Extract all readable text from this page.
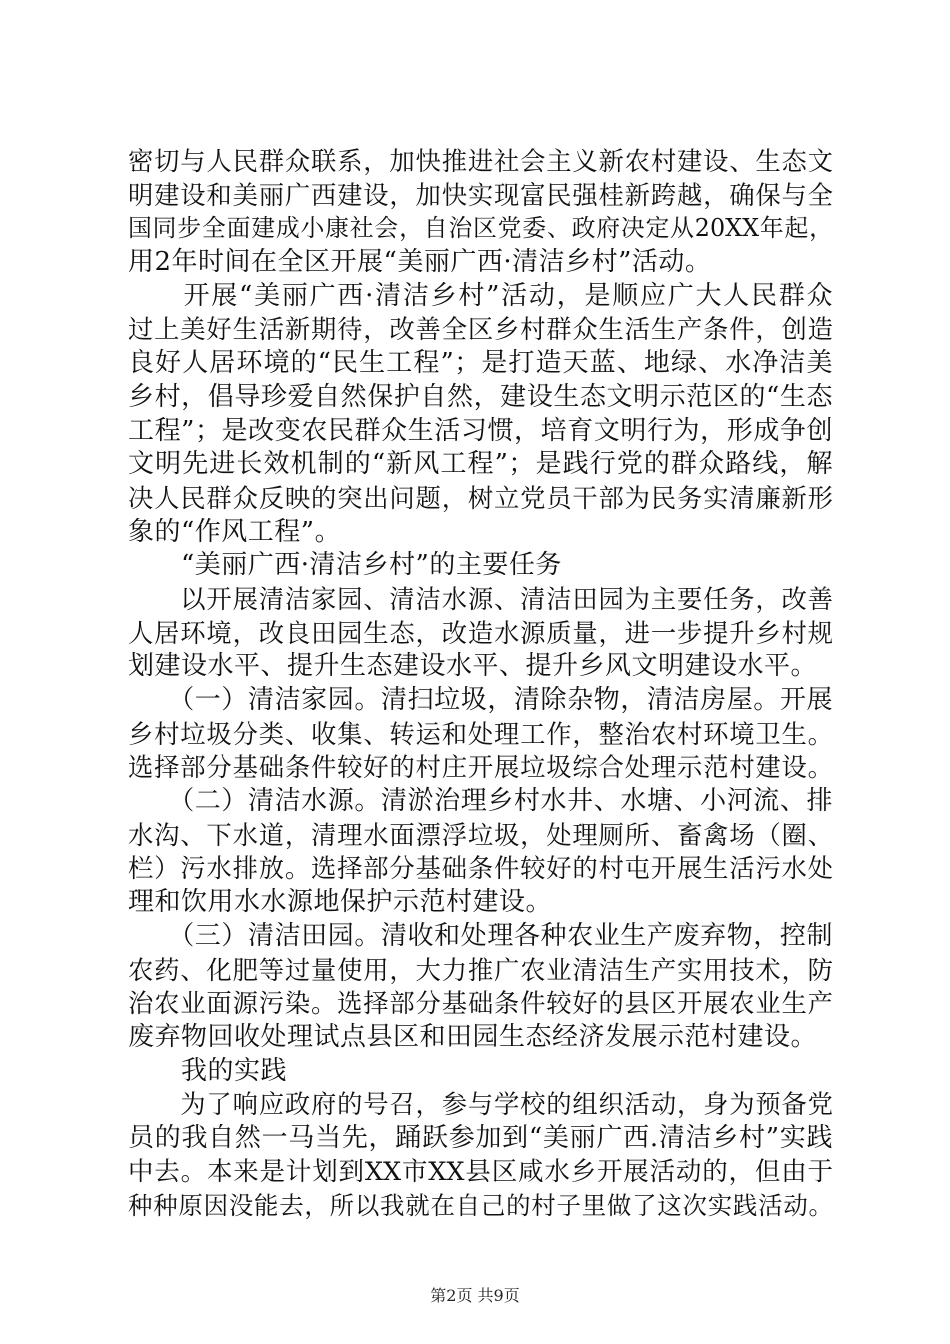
密切与人民群众联系，加快推进社会主义新农村建设、生态文
明建设和美丽广西建设，加快实现富民强桂新跨越，确保与全
国同步全面建成小康社会，自治区党委、政府决定从20XX年起，
用2年时间在全区开展“美丽广西·清洁乡村”活动。
　　开展“美丽广西·清洁乡村”活动，是顺应广大人民群众
过上美好生活新期待，改善全区乡村群众生活生产条件，创造
良好人居环境的“民生工程”；是打造天蓝、地绿、水净洁美
乡村，倡导珍爱自然保护自然，建设生态文明示范区的“生态
工程”；是改变农民群众生活习惯，培育文明行为，形成争创
文明先进长效机制的“新风工程”；是践行党的群众路线，解
决人民群众反映的突出问题，树立党员干部为民务实清廉新形
象的“作风工程”。
　　“美丽广西·清洁乡村”的主要任务
　　以开展清洁家园、清洁水源、清洁田园为主要任务，改善
人居环境，改良田园生态，改造水源质量，进一步提升乡村规
划建设水平、提升生态建设水平、提升乡风文明建设水平。
　　（一）清洁家园。清扫垃圾，清除杂物，清洁房屋。开展
乡村垃圾分类、收集、转运和处理工作，整治农村环境卫生。
选择部分基础条件较好的村庄开展垃圾综合处理示范村建设。
　　（二）清洁水源。清淤治理乡村水井、水塘、小河流、排
水沟、下水道，清理水面漂浮垃圾，处理厕所、畜禽场（圈、
栏）污水排放。选择部分基础条件较好的村屯开展生活污水处
理和饮用水水源地保护示范村建设。
　　（三）清洁田园。清收和处理各种农业生产废弃物，控制
农药、化肥等过量使用，大力推广农业清洁生产实用技术，防
治农业面源污染。选择部分基础条件较好的县区开展农业生产
废弃物回收处理试点县区和田园生态经济发展示范村建设。
　　我的实践
　　为了响应政府的号召，参与学校的组织活动，身为预备党
员的我自然一马当先，踊跃参加到“美丽广西.清洁乡村”实践
中去。本来是计划到XX市XX县区咸水乡开展活动的，但由于
种种原因没能去，所以我就在自己的村子里做了这次实践活动。
第2页 共9页
